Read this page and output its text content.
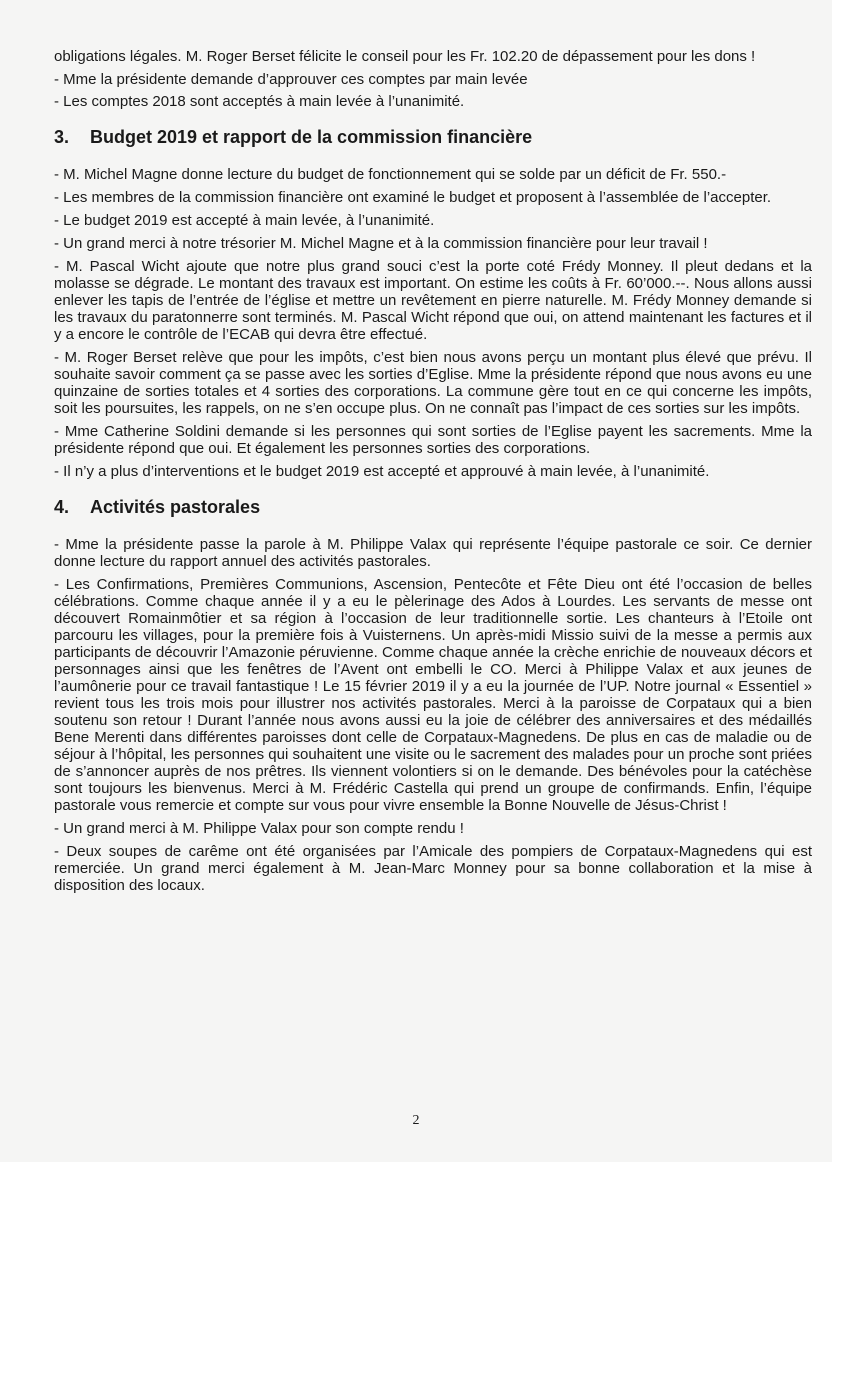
obligations légales. M. Roger Berset félicite le conseil pour les Fr. 102.20 de dépassement pour les dons !

- Mme la présidente demande d’approuver ces comptes par main levée

- Les comptes 2018 sont acceptés à main levée à l’unanimité.

3.	Budget 2019 et rapport de la commission financière

- M. Michel Magne donne lecture du budget de fonctionnement qui se solde par un déficit de Fr. 550.-

- Les membres de la commission financière ont examiné le budget et proposent à l’assemblée de l’accepter.

- Le budget 2019 est accepté à main levée, à l’unanimité.

- Un grand merci à notre trésorier M. Michel Magne et à la commission financière pour leur travail !

- M. Pascal Wicht ajoute que notre plus grand souci c’est la porte coté Frédy Monney. Il pleut dedans et la molasse se dégrade. Le montant des travaux est important. On estime les coûts à Fr. 60’000.--. Nous allons aussi enlever les tapis de l’entrée de l’église et mettre un revêtement en pierre naturelle. M. Frédy Monney demande si les travaux du paratonnerre sont terminés. M. Pascal Wicht répond que oui, on attend maintenant les factures et il y a encore le contrôle de l’ECAB qui devra être effectué.

- M. Roger Berset relève que pour les impôts, c’est bien nous avons perçu un montant plus élevé que prévu. Il souhaite savoir comment ça se passe avec les sorties d’Eglise. Mme la présidente répond que nous avons eu une quinzaine de sorties totales et 4 sorties des corporations. La commune gère tout en ce qui concerne les impôts, soit les poursuites, les rappels, on ne s’en occupe plus. On ne connaît pas l’impact de ces sorties sur les impôts.

- Mme Catherine Soldini demande si les personnes qui sont sorties de l’Eglise payent les sacrements. Mme la présidente répond que oui. Et également les personnes sorties des corporations.

- Il n’y a plus d’interventions et le budget 2019 est accepté et approuvé à main levée, à l’unanimité.

4.	Activités pastorales

- Mme la présidente passe la parole à M. Philippe Valax qui représente l’équipe pastorale ce soir. Ce dernier donne lecture du rapport annuel des activités pastorales.

- Les Confirmations, Premières Communions, Ascension, Pentecôte et Fête Dieu ont été l’occasion de belles célébrations. Comme chaque année il y a eu le pèlerinage des Ados à Lourdes. Les servants de messe ont découvert Romainmôtier et sa région à l’occasion de leur traditionnelle sortie. Les chanteurs à l’Etoile ont parcouru les villages, pour la première fois à Vuisternens. Un après-midi Missio suivi de la messe a permis aux participants de découvrir l’Amazonie péruvienne. Comme chaque année la crèche enrichie de nouveaux décors et personnages ainsi que les fenêtres de l’Avent ont embelli le CO. Merci à Philippe Valax et aux jeunes de l’aumônerie pour ce travail fantastique ! Le 15 février 2019 il y a eu la journée de l’UP. Notre journal « Essentiel » revient tous les trois mois pour illustrer nos activités pastorales. Merci à la paroisse de Corpataux qui a bien soutenu son retour ! Durant l’année nous avons aussi eu la joie de célébrer des anniversaires et des médaillés Bene Merenti dans différentes paroisses dont celle de Corpataux-Magnedens. De plus en cas de maladie ou de séjour à l’hôpital, les personnes qui souhaitent une visite ou le sacrement des malades pour un proche sont priées de s’annoncer auprès de nos prêtres. Ils viennent volontiers si on le demande. Des bénévoles pour la catéchèse sont toujours les bienvenus. Merci à M. Frédéric Castella qui prend un groupe de confirmands. Enfin, l’équipe pastorale vous remercie et compte sur vous pour vivre ensemble la Bonne Nouvelle de Jésus-Christ !

- Un grand merci à M. Philippe Valax pour son compte rendu !

- Deux soupes de carême ont été organisées par l’Amicale des pompiers de Corpataux-Magnedens qui est remerciée. Un grand merci également à M. Jean-Marc Monney pour sa bonne collaboration et la mise à disposition des locaux.

2
